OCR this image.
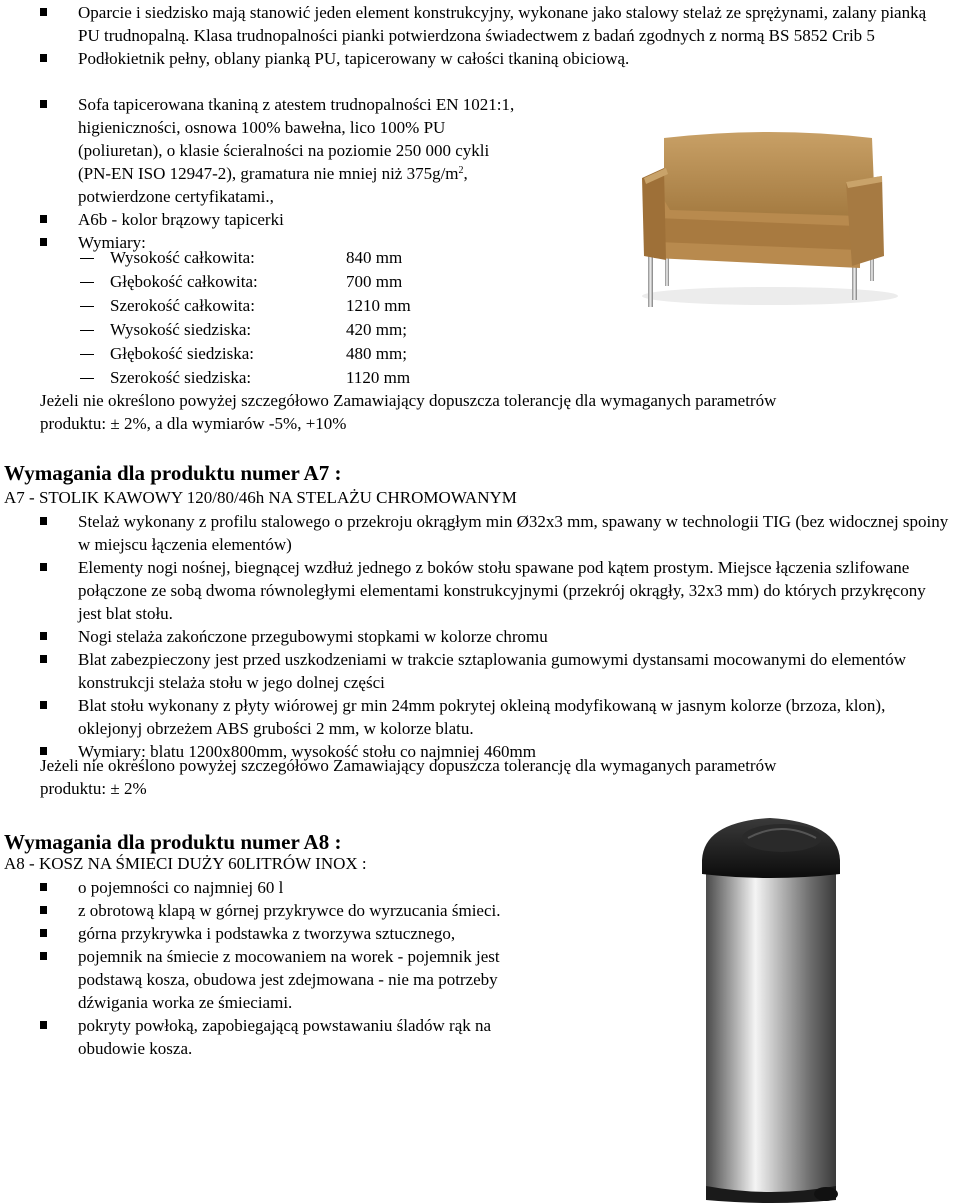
Oparcie i siedzisko mają stanowić jeden element konstrukcyjny, wykonane jako stalowy stelaż ze sprężynami, zalany pianką PU trudnopalną. Klasa trudnopalności pianki potwierdzona świadectwem z badań zgodnych z normą BS 5852 Crib 5
Podłokietnik pełny, oblany pianką PU, tapicerowany w całości tkaniną obiciową.
Sofa tapicerowana tkaniną z atestem trudnopalności EN 1021:1,
higieniczności, osnowa 100% bawełna, lico 100% PU
(poliuretan), o klasie ścieralności na poziomie 250 000 cykli
(PN-EN ISO 12947-2), gramatura nie mniej niż $375g/m^2$,
potwierdzone certyfikatami.,
A6b - kolor brązowy tapicerki
Wymiary:
Wysokość całkowita:	840 mm
Głębokość całkowita:	700 mm
Szerokość całkowita:	1210 mm
Wysokość siedziska:	420 mm;
Głębokość siedziska:	480 mm;
Szerokość siedziska:	1120 mm
Jeżeli nie określono powyżej szczegółowo Zamawiający dopuszcza tolerancję dla wymaganych parametrów
produktu: ± 2%, a dla wymiarów -5%, +10%
Wymagania dla produktu numer A7 :
A7 - STOLIK KAWOWY 120/80/46h NA STELAŻU CHROMOWANYM
Stelaż wykonany z profilu stalowego o przekroju okrągłym min Ø32x3 mm, spawany w technologii TIG (bez widocznej spoiny w miejscu łączenia elementów)
Elementy nogi nośnej, biegnącej wzdłuż jednego z boków stołu spawane pod kątem prostym. Miejsce łączenia szlifowane połączone ze sobą dwoma równoległymi elementami konstrukcyjnymi (przekrój okrągły, 32x3 mm) do których przykręcony jest blat stołu.
Nogi stelaża zakończone przegubowymi stopkami w kolorze chromu
Blat zabezpieczony jest przed uszkodzeniami w trakcie sztaplowania gumowymi dystansami mocowanymi do elementów konstrukcji stelaża stołu w jego dolnej części
Blat stołu wykonany z płyty wiórowej gr min 24mm pokrytej okleiną modyfikowaną w jasnym kolorze (brzoza, klon), oklejonyj obrzeżem ABS grubości 2 mm, w kolorze blatu.
Wymiary: blatu 1200x800mm, wysokość stołu co najmniej 460mm
Jeżeli nie określono powyżej szczegółowo Zamawiający dopuszcza tolerancję dla wymaganych parametrów
produktu: ± 2%
Wymagania dla produktu numer A8 :
A8 - KOSZ NA ŚMIECI DUŻY 60LITRÓW INOX :
o pojemności co najmniej 60 l
z obrotową klapą w górnej przykrywce do wyrzucania śmieci.
górna przykrywka i podstawka z tworzywa sztucznego,
pojemnik na śmiecie z mocowaniem na worek - pojemnik jest podstawą kosza, obudowa jest zdejmowana - nie ma potrzeby dźwigania worka ze śmieciami.
pokryty powłoką, zapobiegającą powstawaniu śladów rąk na obudowie kosza.
